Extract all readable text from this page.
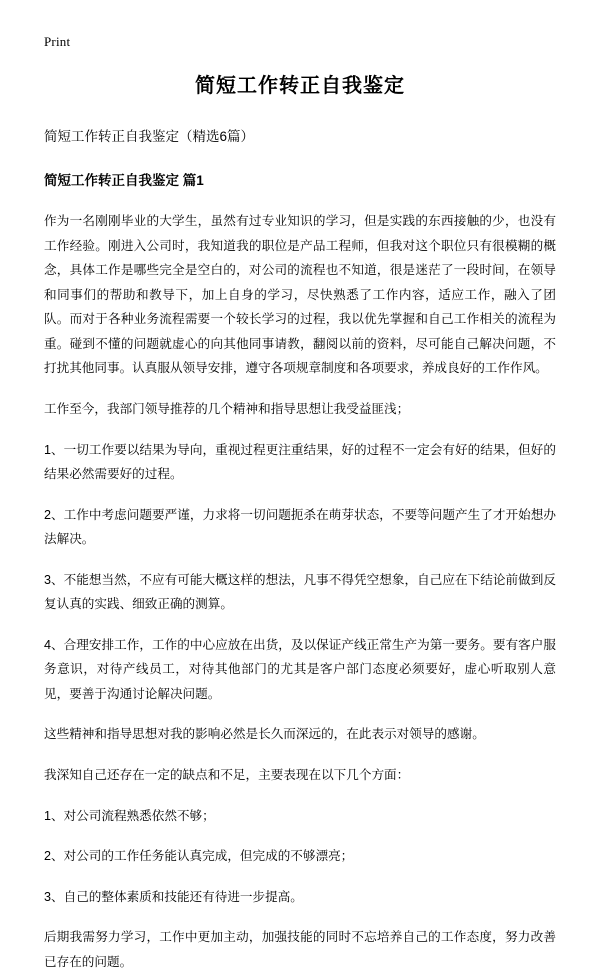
Print
简短工作转正自我鉴定
简短工作转正自我鉴定（精选6篇）
简短工作转正自我鉴定 篇1

作为一名刚刚毕业的大学生，虽然有过专业知识的学习，但是实践的东西接触的少，也没有工作经验。刚进入公司时，我知道我的职位是产品工程师，但我对这个职位只有很模糊的概念，具体工作是哪些完全是空白的，对公司的流程也不知道，很是迷茫了一段时间，在领导和同事们的帮助和教导下，加上自身的学习，尽快熟悉了工作内容，适应工作，融入了团队。而对于各种业务流程需要一个较长学习的过程，我以优先掌握和自己工作相关的流程为重。碰到不懂的问题就虚心的向其他同事请教，翻阅以前的资料，尽可能自己解决问题，不打扰其他同事。认真服从领导安排，遵守各项规章制度和各项要求，养成良好的工作作风。

工作至今，我部门领导推荐的几个精神和指导思想让我受益匪浅；

1、一切工作要以结果为导向，重视过程更注重结果，好的过程不一定会有好的结果，但好的结果必然需要好的过程。

2、工作中考虑问题要严谨，力求将一切问题扼杀在萌芽状态，不要等问题产生了才开始想办法解决。

3、不能想当然，不应有可能大概这样的想法，凡事不得凭空想象，自己应在下结论前做到反复认真的实践、细致正确的测算。

4、合理安排工作，工作的中心应放在出货，及以保证产线正常生产为第一要务。要有客户服务意识，对待产线员工，对待其他部门的尤其是客户部门态度必须要好，虚心听取别人意见，要善于沟通讨论解决问题。

这些精神和指导思想对我的影响必然是长久而深远的，在此表示对领导的感谢。

我深知自己还存在一定的缺点和不足，主要表现在以下几个方面：

1、对公司流程熟悉依然不够；

2、对公司的工作任务能认真完成，但完成的不够漂亮；

3、自己的整体素质和技能还有待进一步提高。

后期我需努力学习，工作中更加主动，加强技能的同时不忘培养自己的工作态度，努力改善已存在的问题。
